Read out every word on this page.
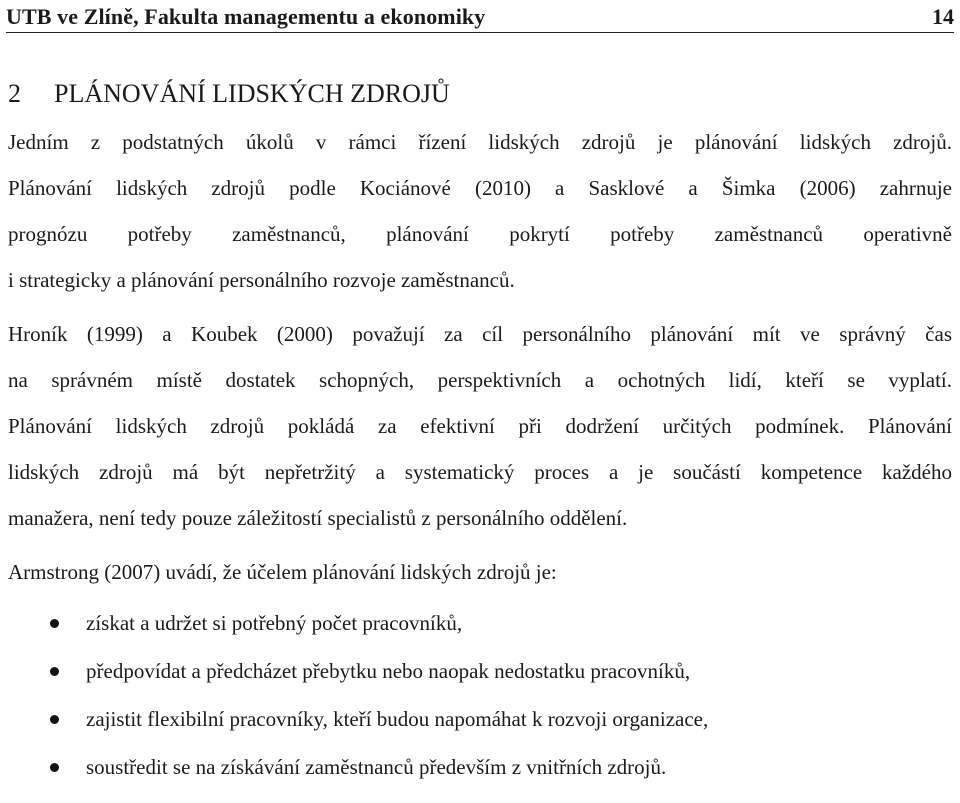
UTB ve Zlíně, Fakulta managementu a ekonomiky	14
2	PLÁNOVÁNÍ LIDSKÝCH ZDROJŮ

Jedním z podstatných úkolů v rámci řízení lidských zdrojů je plánování lidských zdrojů.
Plánování lidských zdrojů podle Kociánové (2010) a Sasklové a Šimka (2006) zahrnuje
prognózu potřeby zaměstnanců, plánování pokrytí potřeby zaměstnanců operativně
i strategicky a plánování personálního rozvoje zaměstnanců.

Hroník (1999) a Koubek (2000) považují za cíl personálního plánování mít ve správný čas
na správném místě dostatek schopných, perspektivních a ochotných lidí, kteří se vyplatí.
Plánování lidských zdrojů pokládá za efektivní při dodržení určitých podmínek. Plánování
lidských zdrojů má být nepřetržitý a systematický proces a je součástí kompetence každého
manažera, není tedy pouze záležitostí specialistů z personálního oddělení.

Armstrong (2007) uvádí, že účelem plánování lidských zdrojů je:

získat a udržet si potřebný počet pracovníků,
předpovídat a předcházet přebytku nebo naopak nedostatku pracovníků,
zajistit flexibilní pracovníky, kteří budou napomáhat k rozvoji organizace,
soustředit se na získávání zaměstnanců především z vnitřních zdrojů.
